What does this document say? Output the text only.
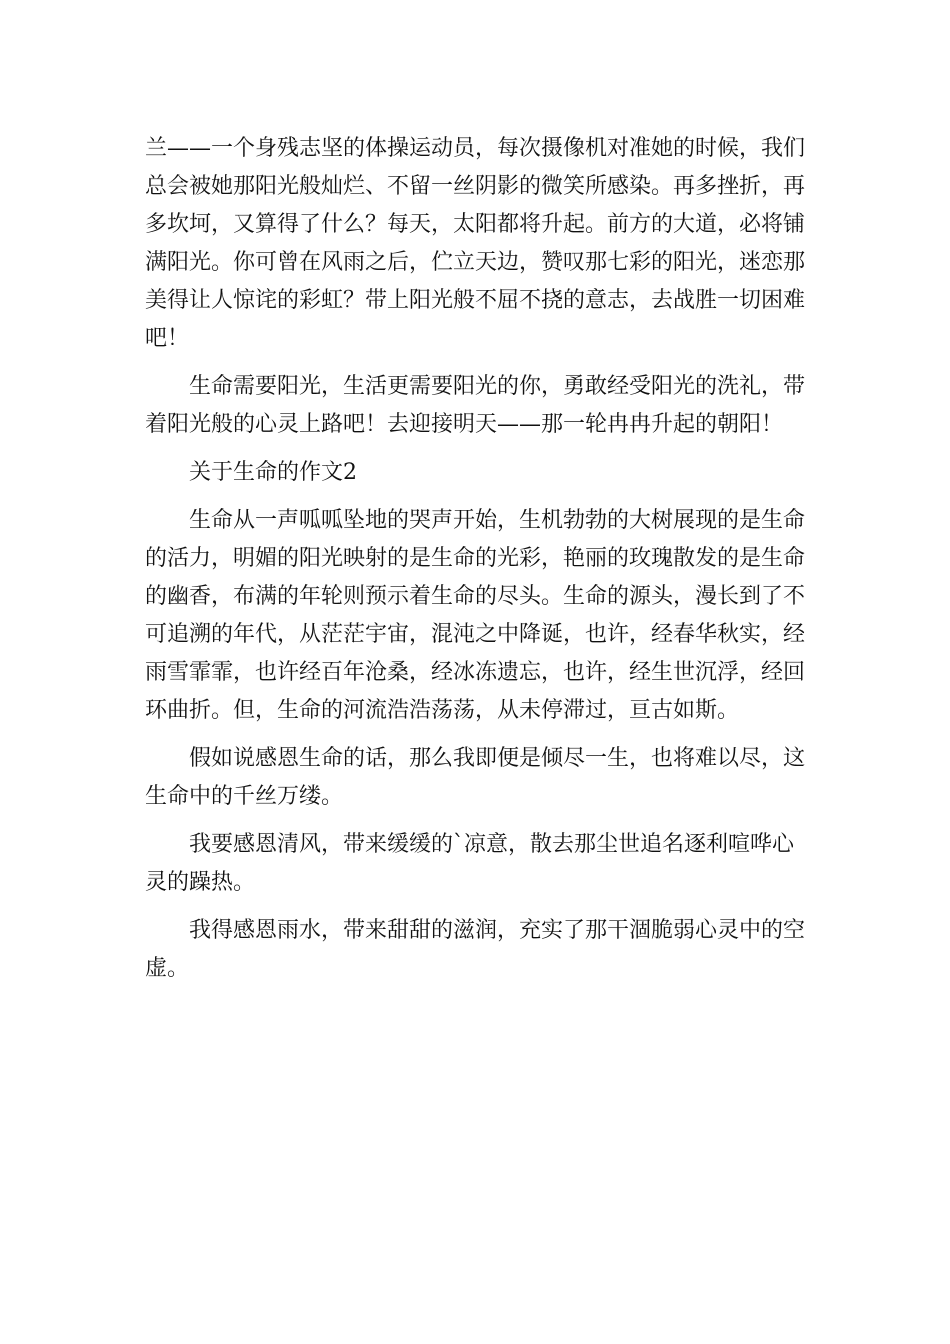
兰——一个身残志坚的体操运动员，每次摄像机对准她的时候，我们总会被她那阳光般灿烂、不留一丝阴影的微笑所感染。再多挫折，再多坎坷，又算得了什么？每天，太阳都将升起。前方的大道，必将铺满阳光。你可曾在风雨之后，伫立天边，赞叹那七彩的阳光，迷恋那美得让人惊诧的彩虹？带上阳光般不屈不挠的意志，去战胜一切困难吧！

生命需要阳光，生活更需要阳光的你，勇敢经受阳光的洗礼，带着阳光般的心灵上路吧！去迎接明天——那一轮冉冉升起的朝阳！

关于生命的作文2

生命从一声呱呱坠地的哭声开始，生机勃勃的大树展现的是生命的活力，明媚的阳光映射的是生命的光彩，艳丽的玫瑰散发的是生命的幽香，布满的年轮则预示着生命的尽头。生命的源头，漫长到了不可追溯的年代，从茫茫宇宙，混沌之中降诞，也许，经春华秋实，经雨雪霏霏，也许经百年沧桑，经冰冻遗忘，也许，经生世沉浮，经回环曲折。但，生命的河流浩浩荡荡，从未停滞过，亘古如斯。

假如说感恩生命的话，那么我即便是倾尽一生，也将难以尽，这生命中的千丝万缕。

我要感恩清风，带来缓缓的`凉意，散去那尘世追名逐利喧哗心灵的躁热。

我得感恩雨水，带来甜甜的滋润，充实了那干涸脆弱心灵中的空虚。
